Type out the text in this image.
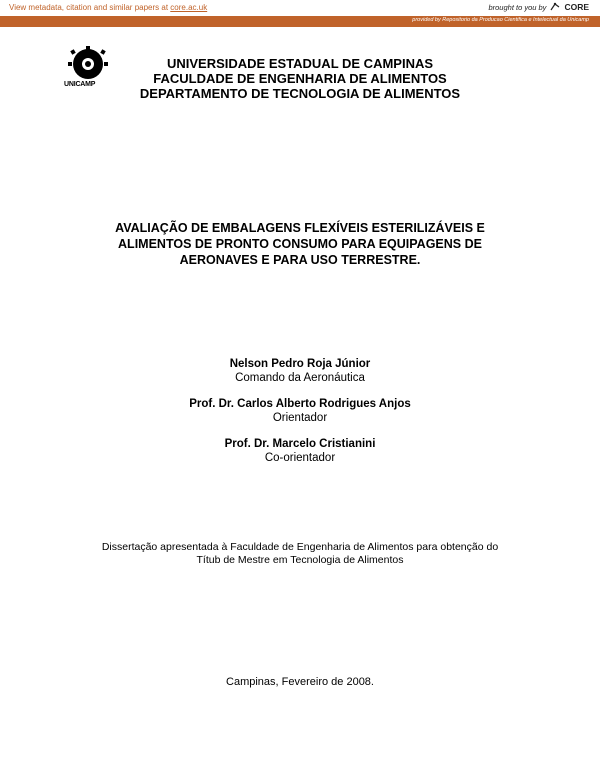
View metadata, citation and similar papers at core.ac.uk	brought to you by CORE
provided by Repositorio da Producao Cientifica e Intelectual da Unicamp
UNICAMP
UNIVERSIDADE ESTADUAL DE CAMPINAS
FACULDADE DE ENGENHARIA DE ALIMENTOS
DEPARTAMENTO DE TECNOLOGIA DE ALIMENTOS
AVALIAÇÃO DE EMBALAGENS FLEXÍVEIS ESTERILIZÁVEIS E
ALIMENTOS DE PRONTO CONSUMO PARA EQUIPAGENS DE
AERONAVES E PARA USO TERRESTRE.
Nelson Pedro Roja Júnior
Comando da Aeronáutica
Prof. Dr. Carlos Alberto Rodrigues Anjos
Orientador
Prof. Dr. Marcelo Cristianini
Co-orientador
Dissertação apresentada à Faculdade de Engenharia de Alimentos para obtenção do
Títub de Mestre em Tecnologia de Alimentos
Campinas, Fevereiro de 2008.
